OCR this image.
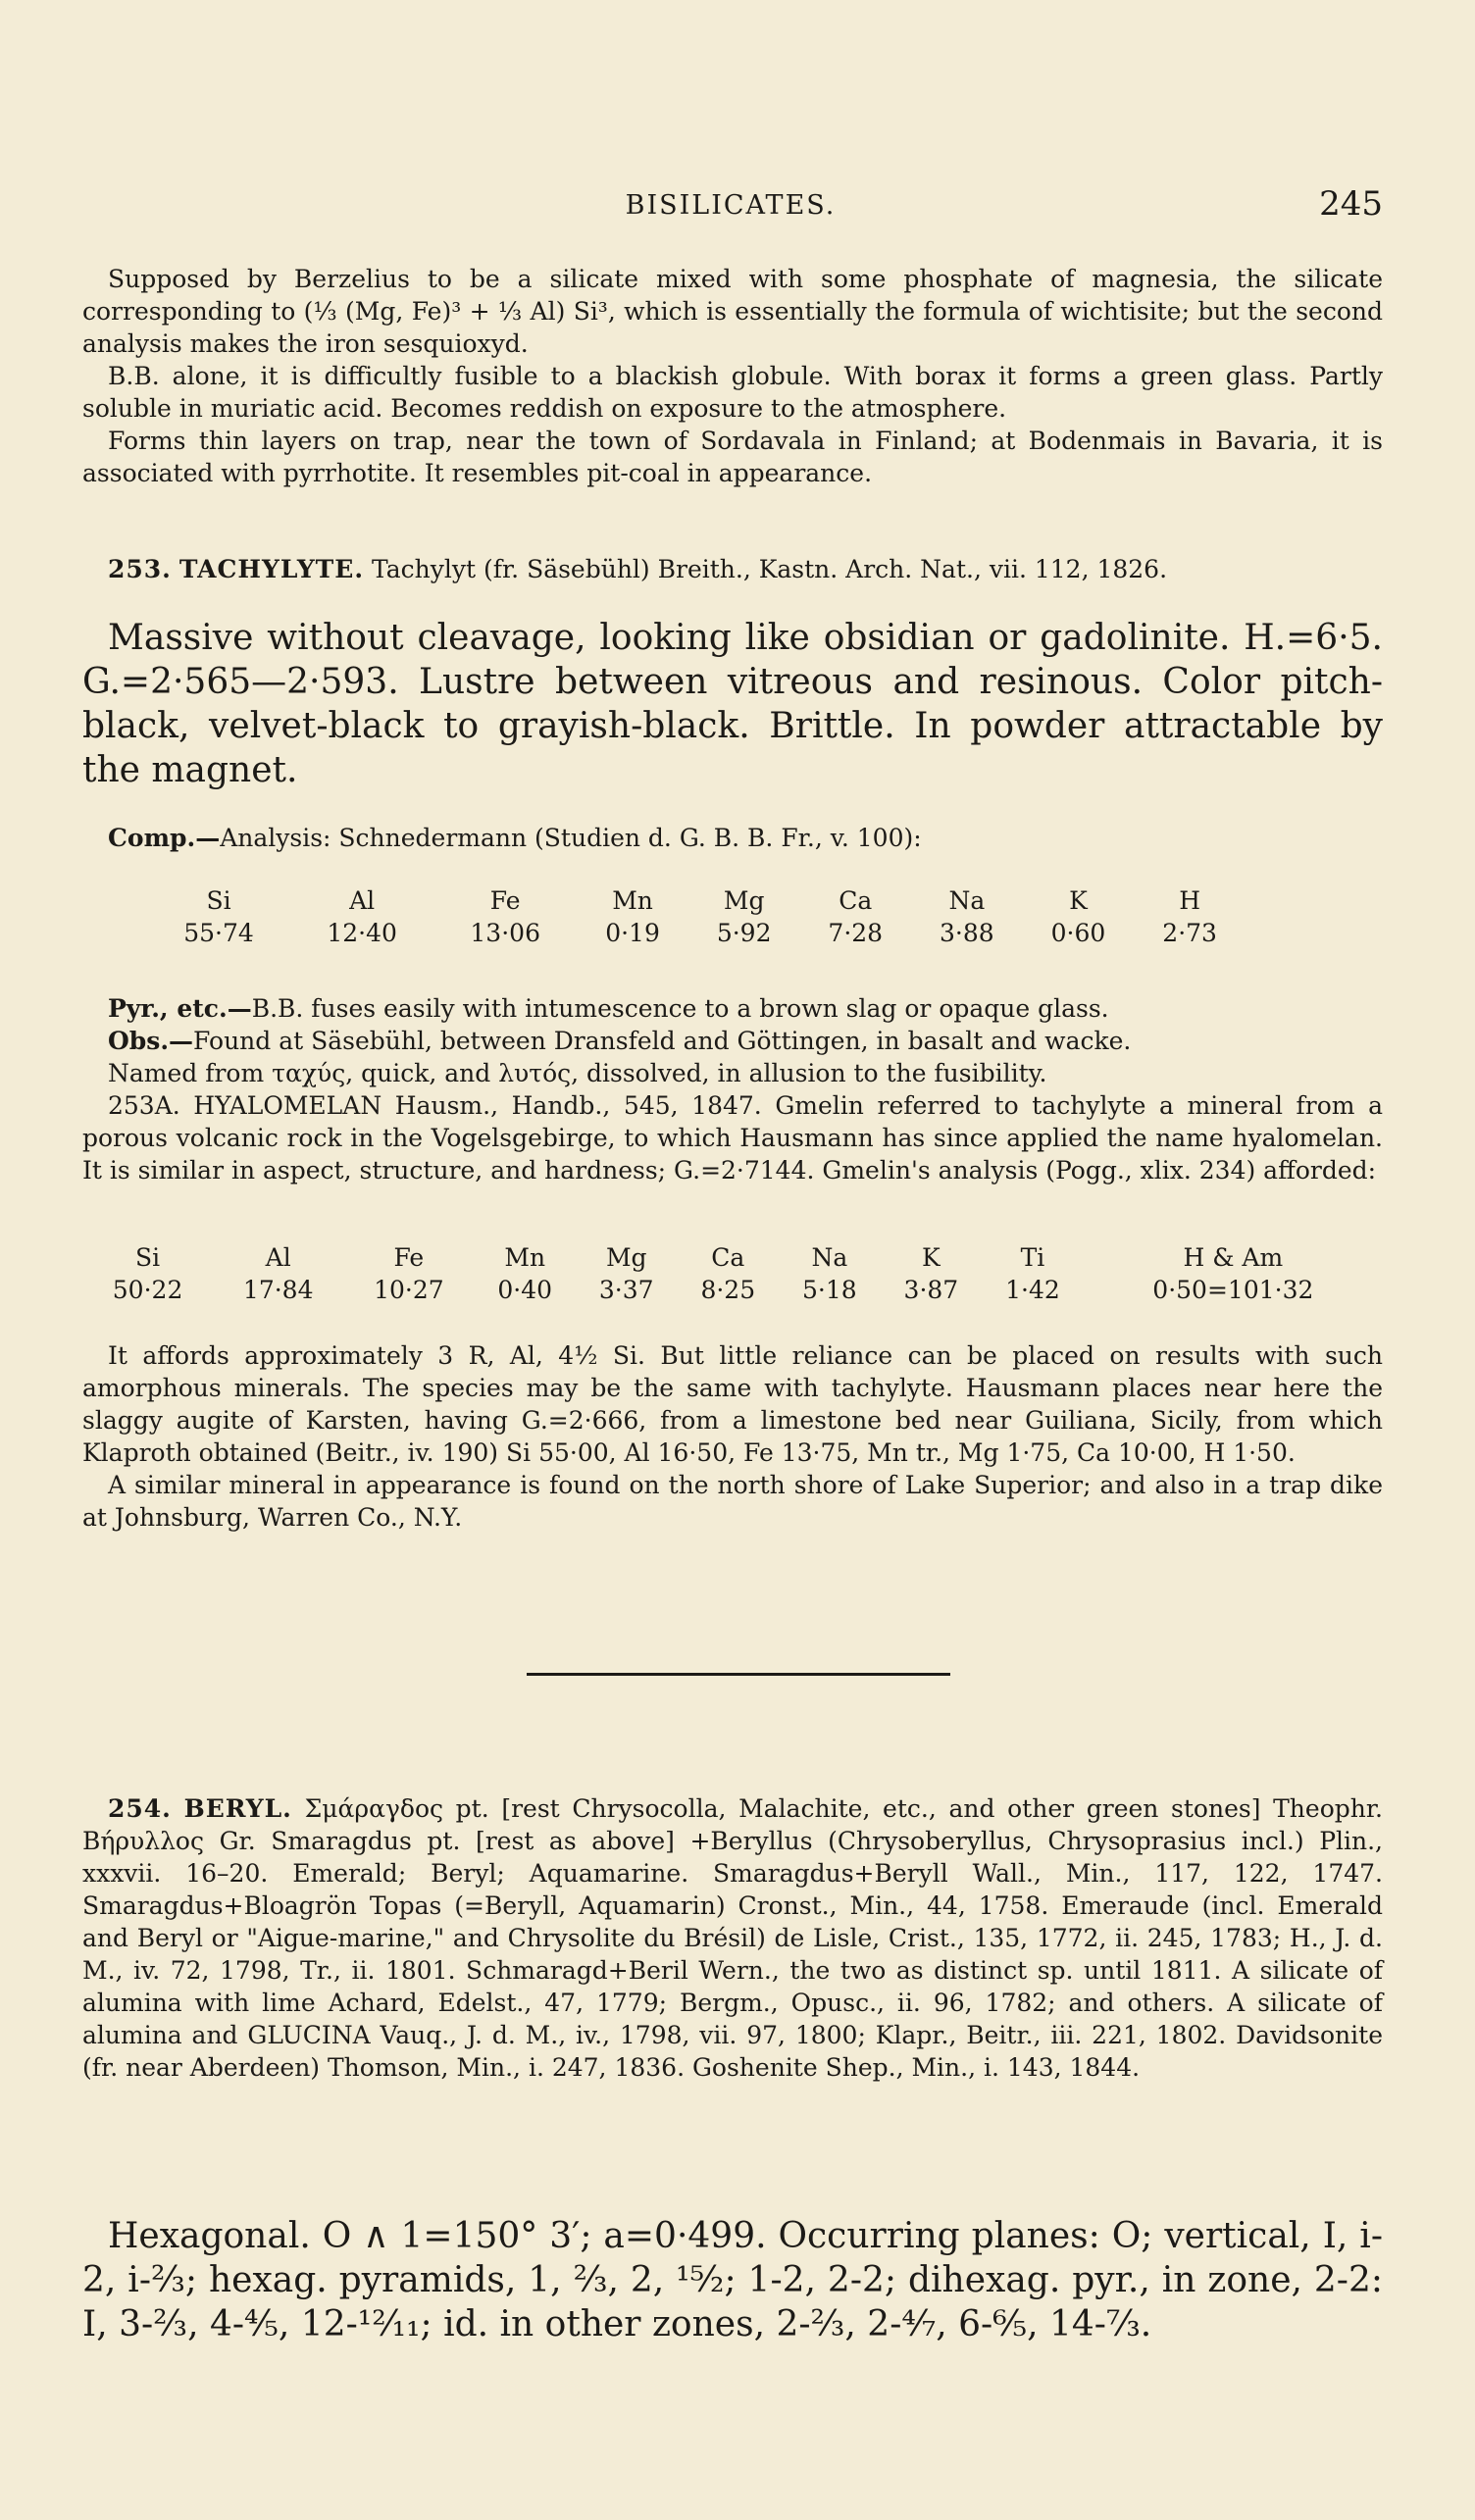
BISILICATES.	245

Supposed by Berzelius to be a silicate mixed with some phosphate of magnesia, the silicate corresponding to (⅓ (Mg, Fe)³ + ⅓ Al) Si³, which is essentially the formula of wichtisite; but the second analysis makes the iron sesquioxyd.

B.B. alone, it is difficultly fusible to a blackish globule. With borax it forms a green glass. Partly soluble in muriatic acid. Becomes reddish on exposure to the atmosphere.

Forms thin layers on trap, near the town of Sordavala in Finland; at Bodenmais in Bavaria, it is associated with pyrrhotite. It resembles pit-coal in appearance.

253. TACHYLYTE. Tachylyt (fr. Säsebühl) Breith., Kastn. Arch. Nat., vii. 112, 1826.

Massive without cleavage, looking like obsidian or gadolinite. H.=6·5. G.=2·565—2·593. Lustre between vitreous and resinous. Color pitch-black, velvet-black to grayish-black. Brittle. In powder attractable by the magnet.

Comp.—Analysis: Schnedermann (Studien d. G. B. B. Fr., v. 100):

Si	Al	Fe	Mn	Mg	Ca	Na	K	H
55·74	12·40	13·06	0·19	5·92	7·28	3·88	0·60	2·73

Pyr., etc.—B.B. fuses easily with intumescence to a brown slag or opaque glass.

Obs.—Found at Säsebühl, between Dransfeld and Göttingen, in basalt and wacke.

Named from ταχύς, quick, and λυτός, dissolved, in allusion to the fusibility.

253A. HYALOMELAN Hausm., Handb., 545, 1847. Gmelin referred to tachylyte a mineral from a porous volcanic rock in the Vogelsgebirge, to which Hausmann has since applied the name hyalomelan. It is similar in aspect, structure, and hardness; G.=2·7144. Gmelin's analysis (Pogg., xlix. 234) afforded:

Si	Al	Fe	Mn	Mg	Ca	Na	K	Ti	H & Am
50·22	17·84	10·27	0·40	3·37	8·25	5·18	3·87	1·42	0·50=101·32

It affords approximately 3 R, Al, 4½ Si. But little reliance can be placed on results with such amorphous minerals. The species may be the same with tachylyte. Hausmann places near here the slaggy augite of Karsten, having G.=2·666, from a limestone bed near Guiliana, Sicily, from which Klaproth obtained (Beitr., iv. 190) Si 55·00, Al 16·50, Fe 13·75, Mn tr., Mg 1·75, Ca 10·00, H 1·50.

A similar mineral in appearance is found on the north shore of Lake Superior; and also in a trap dike at Johnsburg, Warren Co., N.Y.

254. BERYL. Σμάραγδος pt. [rest Chrysocolla, Malachite, etc., and other green stones] Theophr. Βήρυλλος Gr. Smaragdus pt. [rest as above] +Beryllus (Chrysoberyllus, Chrysoprasius incl.) Plin., xxxvii. 16–20. Emerald; Beryl; Aquamarine. Smaragdus+Beryll Wall., Min., 117, 122, 1747. Smaragdus+Bloagrön Topas (=Beryll, Aquamarin) Cronst., Min., 44, 1758. Emeraude (incl. Emerald and Beryl or "Aigue-marine," and Chrysolite du Brésil) de Lisle, Crist., 135, 1772, ii. 245, 1783; H., J. d. M., iv. 72, 1798, Tr., ii. 1801. Schmaragd+Beril Wern., the two as distinct sp. until 1811. A silicate of alumina with lime Achard, Edelst., 47, 1779; Bergm., Opusc., ii. 96, 1782; and others. A silicate of alumina and GLUCINA Vauq., J. d. M., iv., 1798, vii. 97, 1800; Klapr., Beitr., iii. 221, 1802. Davidsonite (fr. near Aberdeen) Thomson, Min., i. 247, 1836. Goshenite Shep., Min., i. 143, 1844.

Hexagonal. O ∧ 1=150° 3′; a=0·499. Occurring planes: O; vertical, I, i-2, i-⅔; hexag. pyramids, 1, ⅔, 2, ¹⁵⁄₂; 1-2, 2-2; dihexag. pyr., in zone, 2-2: I, 3-⅔, 4-⅘, 12-¹²⁄₁₁; id. in other zones, 2-⅔, 2-⁴⁄₇, 6-⁶⁄₅, 14-⁷⁄₃.
